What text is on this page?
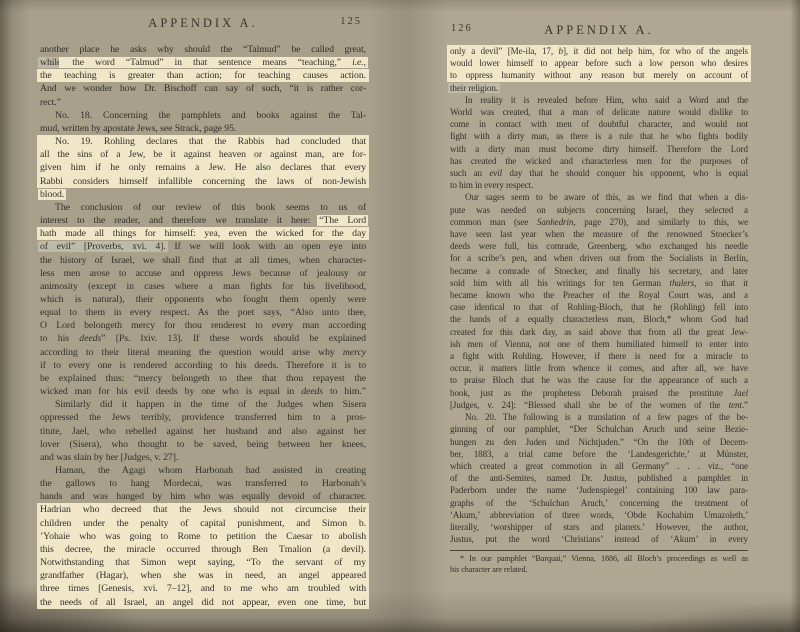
APPENDIX A.	125
another place he asks why should the “Talmud” be called great,
while the word “Talmud” in that sentence means “teaching,” i.e.,
the teaching is greater than action; for teaching causes action.
And we wonder how Dr. Bischoff can say of such, “it is rather cor-
rect.”
No. 18. Concerning the pamphlets and books against the Tal-
mud, written by apostate Jews, see Strack, page 95.
No. 19. Rohling declares that the Rabbis had concluded that
all the sins of a Jew, be it against heaven or against man, are for-
given him if he only remains a Jew. He also declares that every
Rabbi considers himself infallible concerning the laws of non-Jewish
blood.
The conclusion of our review of this book seems to us of
interest to the reader, and therefore we translate it here: “The Lord
hath made all things for himself: yea, even the wicked for the day
of evil” [Proverbs, xvi. 4]. If we will look with an open eye into
the history of Israel, we shall find that at all times, when character-
less men arose to accuse and oppress Jews because of jealousy or
animosity (except in cases where a man fights for his livelihood,
which is natural), their opponents who fought them openly were
equal to them in every respect. As the poet says, “Also unto thee,
O Lord belongeth mercy for thou renderest to every man according
to his deeds” [Ps. lxiv. 13]. If these words should be explained
according to their literal meaning the question would arise why mercy
if to every one is rendered according to his deeds. Therefore it is to
be explained thus: “mercy belongeth to thee that thou repayest the
wicked man for his evil deeds by one who is equal in deeds to him.”
Similarly did it happen in the time of the Judges when Sisera
oppressed the Jews terribly, providence transferred him to a pros-
titute, Jael, who rebelled against her husband and also against her
lover (Sisera), who thought to be saved, being between her knees,
and was slain by her [Judges, v. 27].
Haman, the Agagi whom Harbonah had assisted in creating
the gallows to hang Mordecai, was transferred to Harbonah’s
hands and was hanged by him who was equally devoid of character.
Hadrian who decreed that the Jews should not circumcise their
children under the penalty of capital punishment, and Simon b.
’Yohaie who was going to Rome to petition the Caesar to abolish
this decree, the miracle occurred through Ben Tmalion (a devil).
Notwithstanding that Simon wept saying, “To the servant of my
grandfather (Hagar), when she was in need, an angel appeared
three times [Genesis, xvi. 7–12], and to me who am troubled with
the needs of all Israel, an angel did not appear, even one time, but
APPENDIX A.
126
only a devil” [Me-ila, 17, b], it did not help him, for who of the angels
would lower himself to appear before such a low person who desires
to oppress humanity without any reason but merely on account of
their religion.
In reality it is revealed before Him, who said a Word and the
World was created, that a man of delicate nature would dislike to
come in contact with men of doubtful character, and would not
fight with a dirty man, as there is a rule that he who fights bodily
with a dirty man must become dirty himself. Therefore the Lord
has created the wicked and characterless men for the purposes of
such an evil day that he should conquer his opponent, who is equal
to him in every respect.
Our sages seem to be aware of this, as we find that when a dis-
pute was needed on subjects concerning Israel, they selected a
common man (see Sanhedrin, page 270), and similarly to this, we
have seen last year when the measure of the renowned Stoecker’s
deeds were full, his comrade, Greenberg, who exchanged his needle
for a scribe’s pen, and when driven out from the Socialists in Berlin,
became a comrade of Stoecker, and finally his secretary, and later
sold him with all his writings for ten German thalers, so that it
became known who the Preacher of the Royal Court was, and a
case identical to that of Rohling-Bloch, that he (Rohling) fell into
the hands of a equally characterless man, Bloch,* whom God had
created for this dark day, as said above that from all the great Jew-
ish men of Vienna, not one of them humiliated himself to enter into
a fight with Rohling. However, if there is need for a miracle to
occur, it matters little from whence it comes, and after all, we have
to praise Bloch that he was the cause for the appearance of such a
book, just as the prophetess Deborah praised the prostitute Jael
[Judges, v. 24]: “Blessed shall she be of the women of the tent.”
No. 20. The following is a translation of a few pages of the be-
ginning of our pamphlet, “Der Schulchan Aruch und seine Bezie-
hungen zu den Juden und Nichtjuden.” “On the 10th of Decem-
ber, 1883, a trial came before the ‘Landesgerichte,’ at Münster,
which created a great commotion in all Germany” . . . viz., “one
of the anti-Semites, named Dr. Justus, published a pamphlet in
Paderborn under the name ‘Judenspiegel’ containing 100 law para-
graphs of the ‘Schulchan Aruch,’ concerning the treatment of
‘Akum,’ abbreviation of three words, ‘Obde Kochabim Umazoleth,’
literally, ‘worshipper of stars and planets.’ However, the author,
Justus, put the word ‘Christians’ instead of ‘Akum’ in every
* In our pamphlet “Barquai,” Vienna, 1886, all Bloch’s proceedings as well as
his character are related.
